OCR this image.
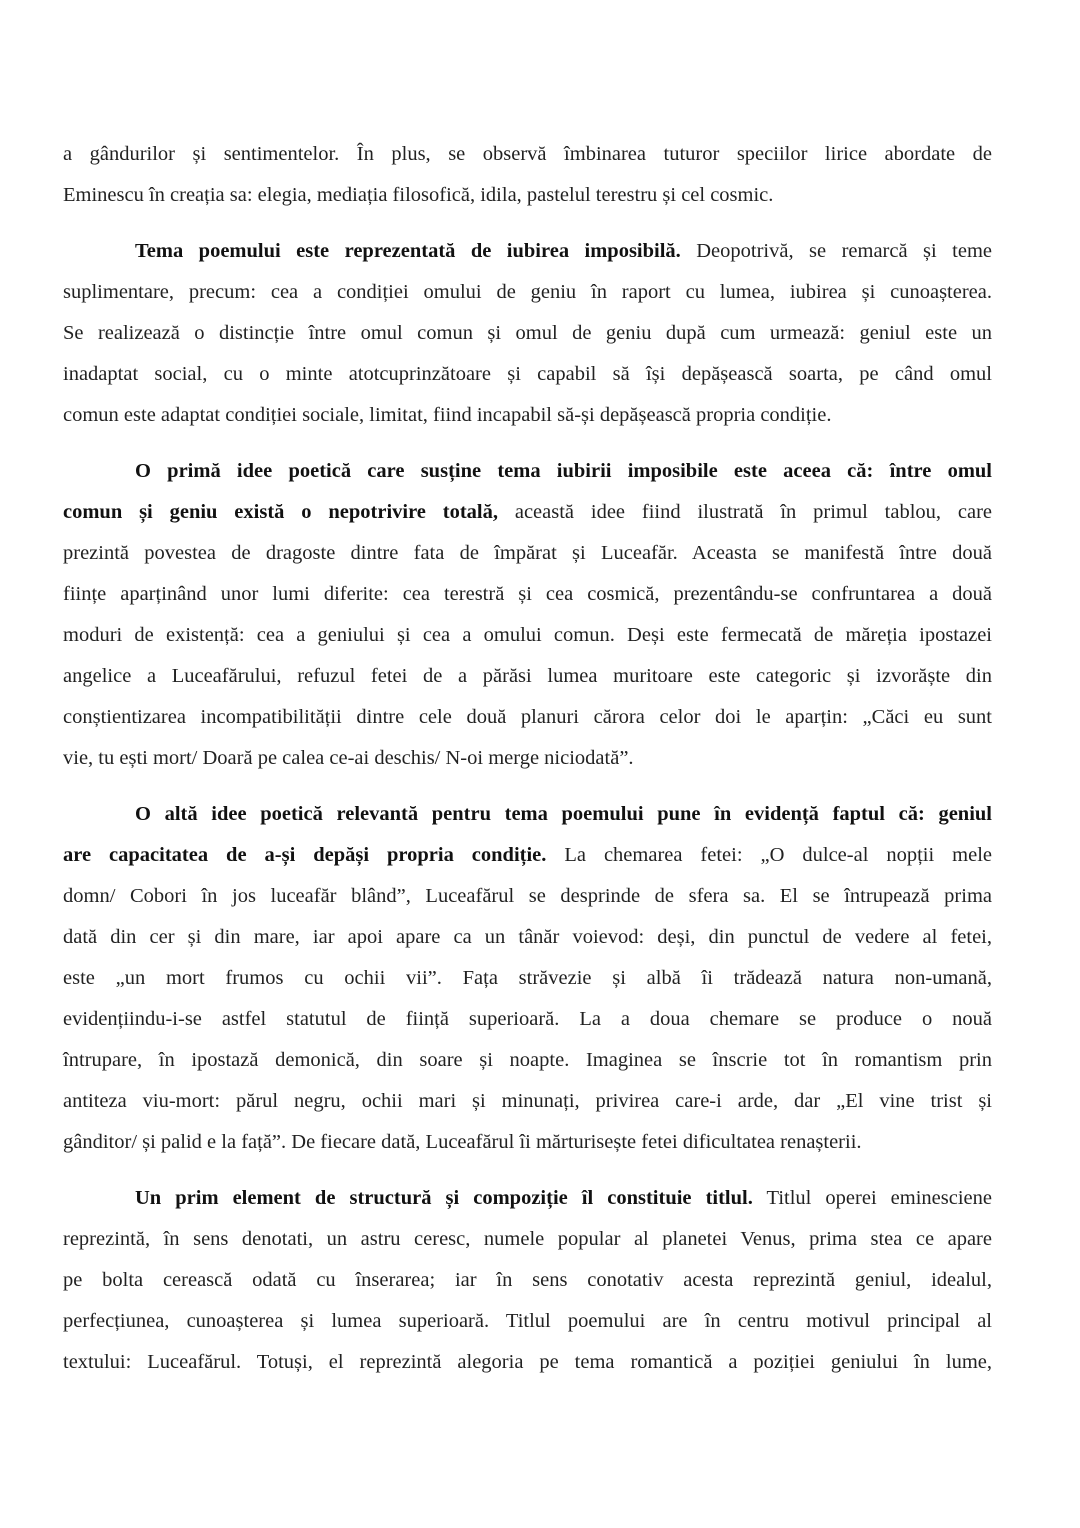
a gândurilor și sentimentelor. În plus, se observă îmbinarea tuturor speciilor lirice abordate de
Eminescu în creația sa: elegia, mediația filosofică, idila, pastelul terestru și cel cosmic.
Tema poemului este reprezentată de iubirea imposibilă. Deopotrivă, se remarcă și teme
suplimentare, precum: cea a condiției omului de geniu în raport cu lumea, iubirea și cunoașterea.
Se realizează o distincție între omul comun și omul de geniu după cum urmează: geniul este un
inadaptat social, cu o minte atotcuprinzătoare și capabil să își depășească soarta, pe când omul
comun este adaptat condiției sociale, limitat, fiind incapabil să-și depășească propria condiție.
O primă idee poetică care susține tema iubirii imposibile este aceea că: între omul
comun și geniu există o nepotrivire totală, această idee fiind ilustrată în primul tablou, care
prezintă povestea de dragoste dintre fata de împărat și Luceafăr. Aceasta se manifestă între două
ființe aparținând unor lumi diferite: cea terestră și cea cosmică, prezentându-se confruntarea a două
moduri de existență: cea a geniului și cea a omului comun. Deși este fermecată de măreția ipostazei
angelice a Luceafărului, refuzul fetei de a părăsi lumea muritoare este categoric și izvorăște din
conștientizarea incompatibilității dintre cele două planuri cărora celor doi le aparțin: „Căci eu sunt
vie, tu ești mort/ Doară pe calea ce-ai deschis/ N-oi merge niciodată”.
O altă idee poetică relevantă pentru tema poemului pune în evidență faptul că: geniul
are capacitatea de a-și depăși propria condiție. La chemarea fetei: „O dulce-al nopții mele
domn/ Cobori în jos luceafăr blând”, Luceafărul se desprinde de sfera sa. El se întrupează prima
dată din cer și din mare, iar apoi apare ca un tânăr voievod: deși, din punctul de vedere al fetei,
este „un mort frumos cu ochii vii”. Fața străvezie și albă îi trădează natura non-umană,
evidențiindu-i-se astfel statutul de ființă superioară. La a doua chemare se produce o nouă
întrupare, în ipostază demonică, din soare și noapte. Imaginea se înscrie tot în romantism prin
antiteza viu-mort: părul negru, ochii mari și minunați, privirea care-i arde, dar „El vine trist și
gânditor/ și palid e la față”. De fiecare dată, Luceafărul îi mărturisește fetei dificultatea renașterii.
Un prim element de structură și compoziție îl constituie titlul. Titlul operei eminesciene
reprezintă, în sens denotati, un astru ceresc, numele popular al planetei Venus, prima stea ce apare
pe bolta cerească odată cu înserarea; iar în sens conotativ acesta reprezintă geniul, idealul,
perfecțiunea, cunoașterea și lumea superioară. Titlul poemului are în centru motivul principal al
textului: Luceafărul. Totuși, el reprezintă alegoria pe tema romantică a poziției geniului în lume,
